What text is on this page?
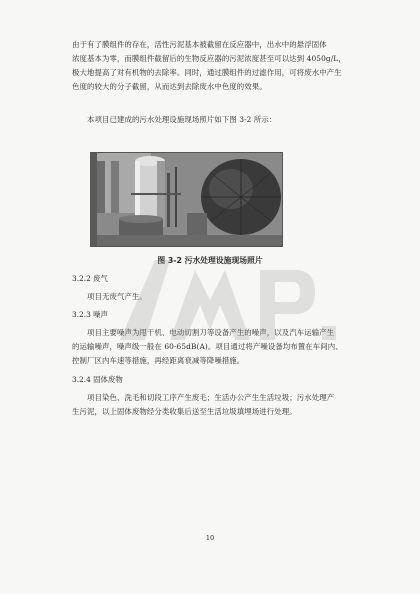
由于有了膜组件的存在，活性污泥基本被截留在反应器中，出水中的悬浮固体
浓度基本为零，而膜组件截留后的生物反应器的污泥浓度甚至可以达到 4050g/L，
极大地提高了对有机物的去除率。同时，通过膜组件的过滤作用，可将废水中产生
色度的较大的分子截留，从而达到去除废水中色度的效果。

本项目已建成的污水处理设施现场照片如下图 3-2 所示：

图 3-2 污水处理设施现场照片
3.2.2 废气

项目无废气产生。

3.2.3 噪声

项目主要噪声为甩干机、电动切割刀等设备产生的噪声，以及汽车运输产生
的运输噪声，噪声级一般在 60-65dB(A)。项目通过将产噪设备均布置在车间内、
控制厂区内车速等措施，再经距离衰减等降噪措施。

3.2.4 固体废物

项目染色、洗毛和切段工序产生废毛；生活办公产生生活垃圾；污水处理产
生污泥，以上固体废物经分类收集后送至生活垃圾填埋场进行处理。

10
